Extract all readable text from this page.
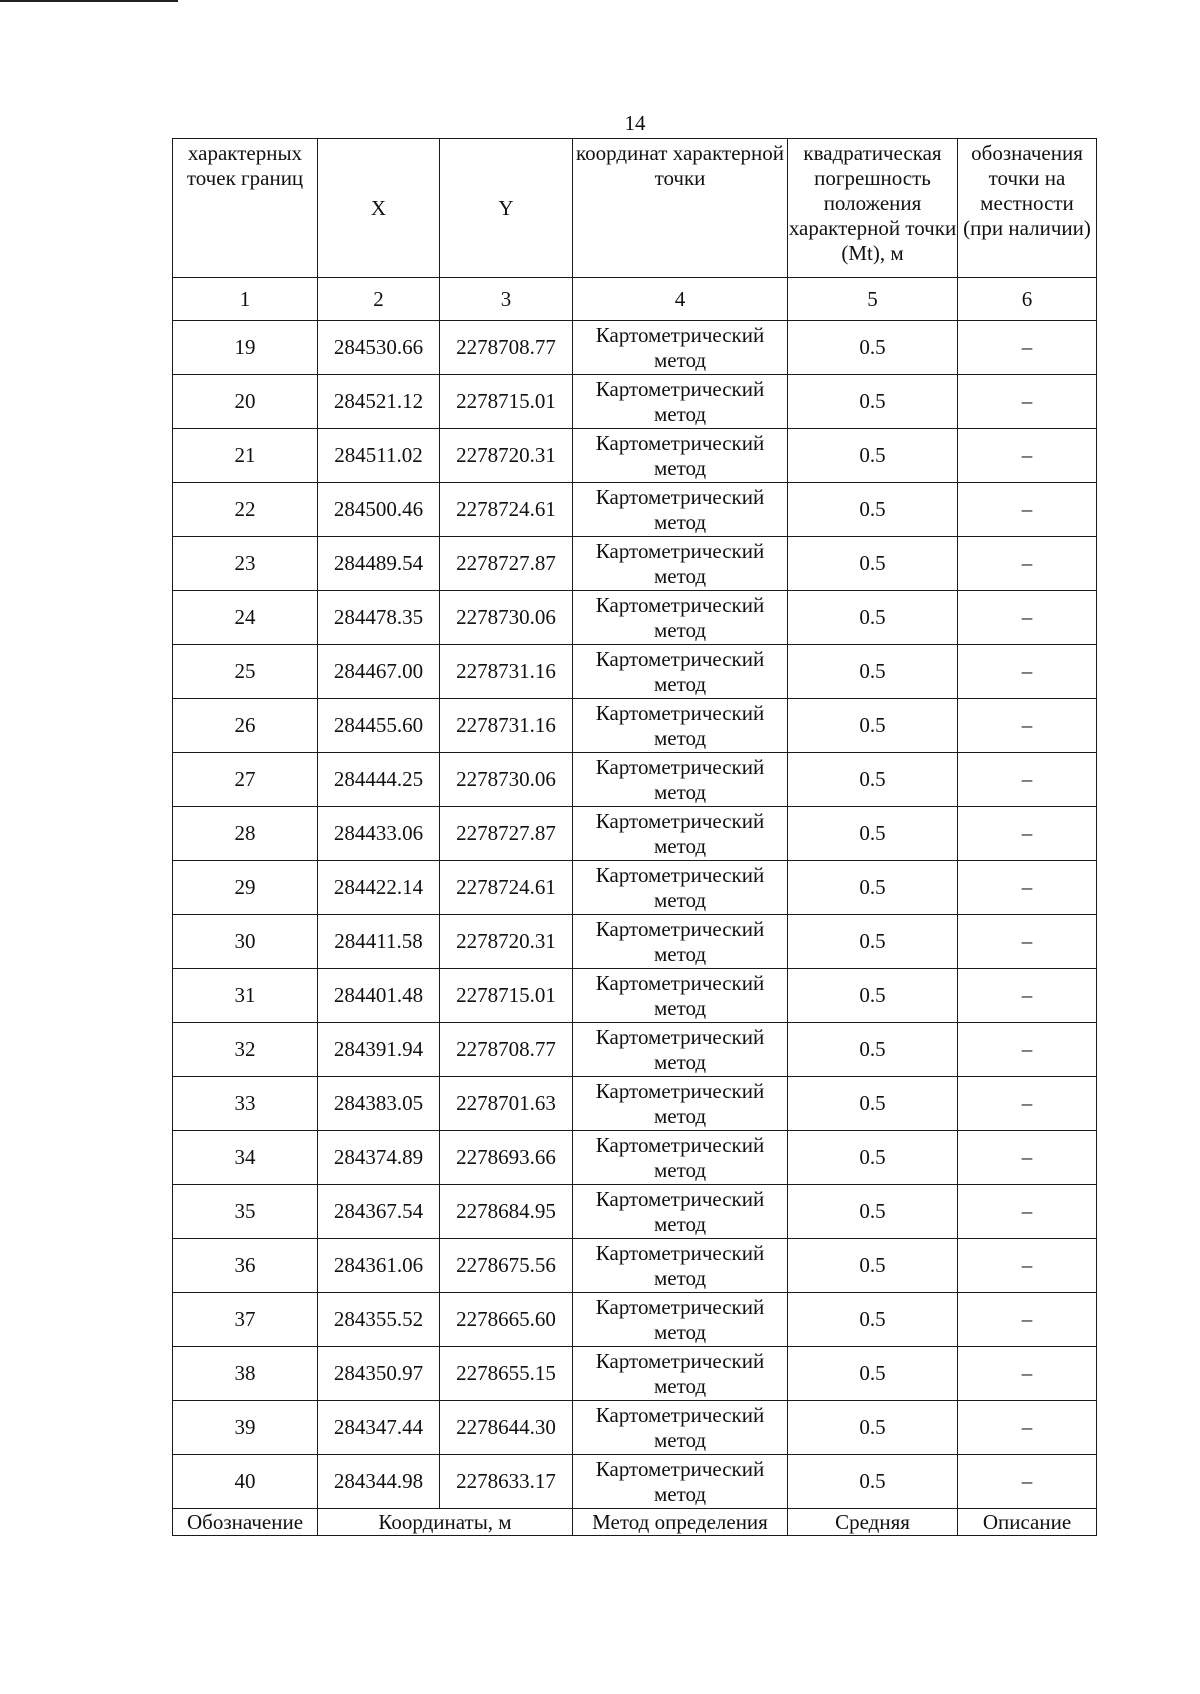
14
характерных точек границ	X	Y	координат характерной точки	квадратическая погрешность положения характерной точки (Mt), м	обозначения точки на местности (при наличии)
1	2	3	4	5	6
19	284530.66	2278708.77	Картометрический метод	0.5	–
20	284521.12	2278715.01	Картометрический метод	0.5	–
21	284511.02	2278720.31	Картометрический метод	0.5	–
22	284500.46	2278724.61	Картометрический метод	0.5	–
23	284489.54	2278727.87	Картометрический метод	0.5	–
24	284478.35	2278730.06	Картометрический метод	0.5	–
25	284467.00	2278731.16	Картометрический метод	0.5	–
26	284455.60	2278731.16	Картометрический метод	0.5	–
27	284444.25	2278730.06	Картометрический метод	0.5	–
28	284433.06	2278727.87	Картометрический метод	0.5	–
29	284422.14	2278724.61	Картометрический метод	0.5	–
30	284411.58	2278720.31	Картометрический метод	0.5	–
31	284401.48	2278715.01	Картометрический метод	0.5	–
32	284391.94	2278708.77	Картометрический метод	0.5	–
33	284383.05	2278701.63	Картометрический метод	0.5	–
34	284374.89	2278693.66	Картометрический метод	0.5	–
35	284367.54	2278684.95	Картометрический метод	0.5	–
36	284361.06	2278675.56	Картометрический метод	0.5	–
37	284355.52	2278665.60	Картометрический метод	0.5	–
38	284350.97	2278655.15	Картометрический метод	0.5	–
39	284347.44	2278644.30	Картометрический метод	0.5	–
40	284344.98	2278633.17	Картометрический метод	0.5	–
Обозначение	Координаты, м		Метод определения	Средняя	Описание
